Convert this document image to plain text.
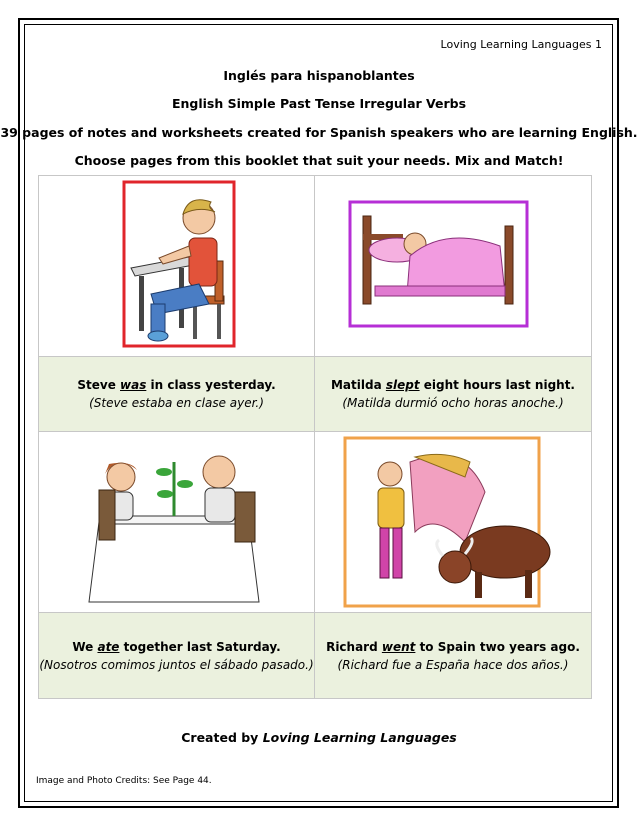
Loving Learning Languages 1
Inglés para hispanoblantes
English Simple Past Tense Irregular Verbs
39 pages of notes and worksheets created for Spanish speakers who are learning English.
Choose pages from this booklet that suit your needs. Mix and Match!
Steve was in class yesterday.
(Steve estaba en clase ayer.)
Matilda slept eight hours last night.
(Matilda durmió ocho horas anoche.)
We ate together last Saturday.
(Nosotros comimos juntos el sábado pasado.)
Richard went to Spain two years ago.
(Richard fue a España hace dos años.)
Created by Loving Learning Languages
Image and Photo Credits: See Page 44.
